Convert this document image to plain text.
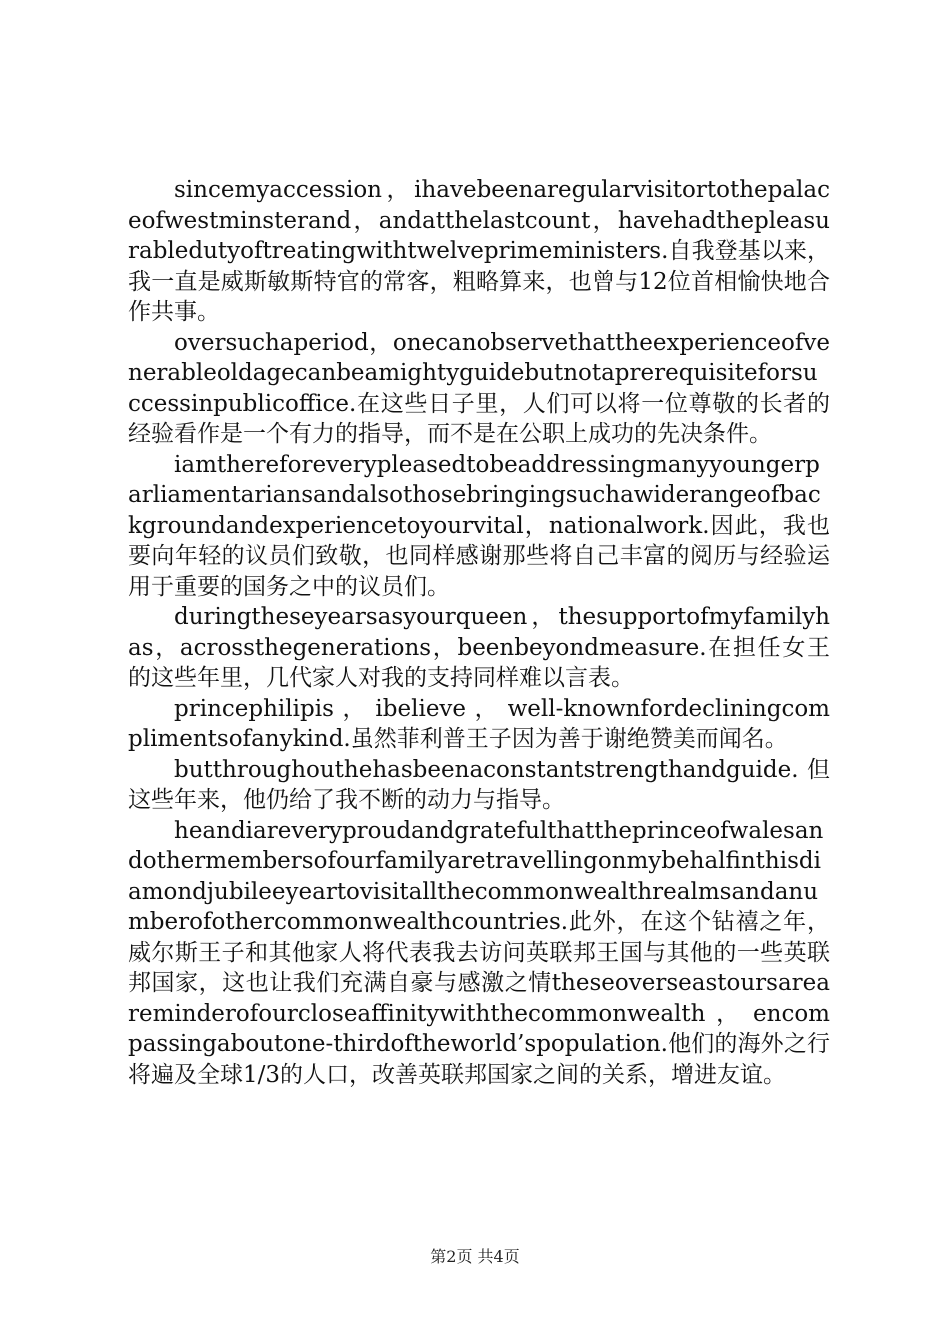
sincemyaccession，ihavebeenaregularvisitortothepalaceofwestminsterand，andatthelastcount，havehadthepleasurabledutyoftreatingwithtwelveprimeministers.自我登基以来，我一直是威斯敏斯特官的常客，粗略算来，也曾与12位首相愉快地合作共事。

oversuchaperiod，onecanobservethattheexperienceofvenerableoldagecanbeamightyguidebutnotaprerequisiteforsuccessinpublicoffice.在这些日子里，人们可以将一位尊敬的长者的经验看作是一个有力的指导，而不是在公职上成功的先决条件。

iamthereforeverypleasedtobeaddressingmanyyoungerparliamentariansandalsothosebringingsuchawiderangeofbackgroundandexperiencetoyourvital，nationalwork.因此，我也要向年轻的议员们致敬，也同样感谢那些将自己丰富的阅历与经验运用于重要的国务之中的议员们。

duringtheseyearsasyourqueen，thesupportofmyfamilyhas，acrossthegenerations，beenbeyondmeasure.在担任女王的这些年里，几代家人对我的支持同样难以言表。

princephilipis ， ibelieve ， well-knownfordecliningcomplimentsofanykind.虽然菲利普王子因为善于谢绝赞美而闻名。

butthroughouthehasbeenaconstantstrengthandguide.但这些年来，他仍给了我不断的动力与指导。

heandiareveryproudandgratefulthattheprinceofwalesandothermembersofourfamilyaretravellingonmybehalfinthisdiamondjubileeyeartovisitallthecommonwealthrealmsandanumberofothercommonwealthcountries.此外，在这个钻禧之年，威尔斯王子和其他家人将代表我去访问英联邦王国与其他的一些英联邦国家，这也让我们充满自豪与感激之情theseoverseastoursareareminderofourcloseaffinitywiththecommonwealth ， encompassingaboutone-thirdoftheworld’spopulation.他们的海外之行将遍及全球1/3的人口，改善英联邦国家之间的关系，增进友谊。

第2页 共4页
